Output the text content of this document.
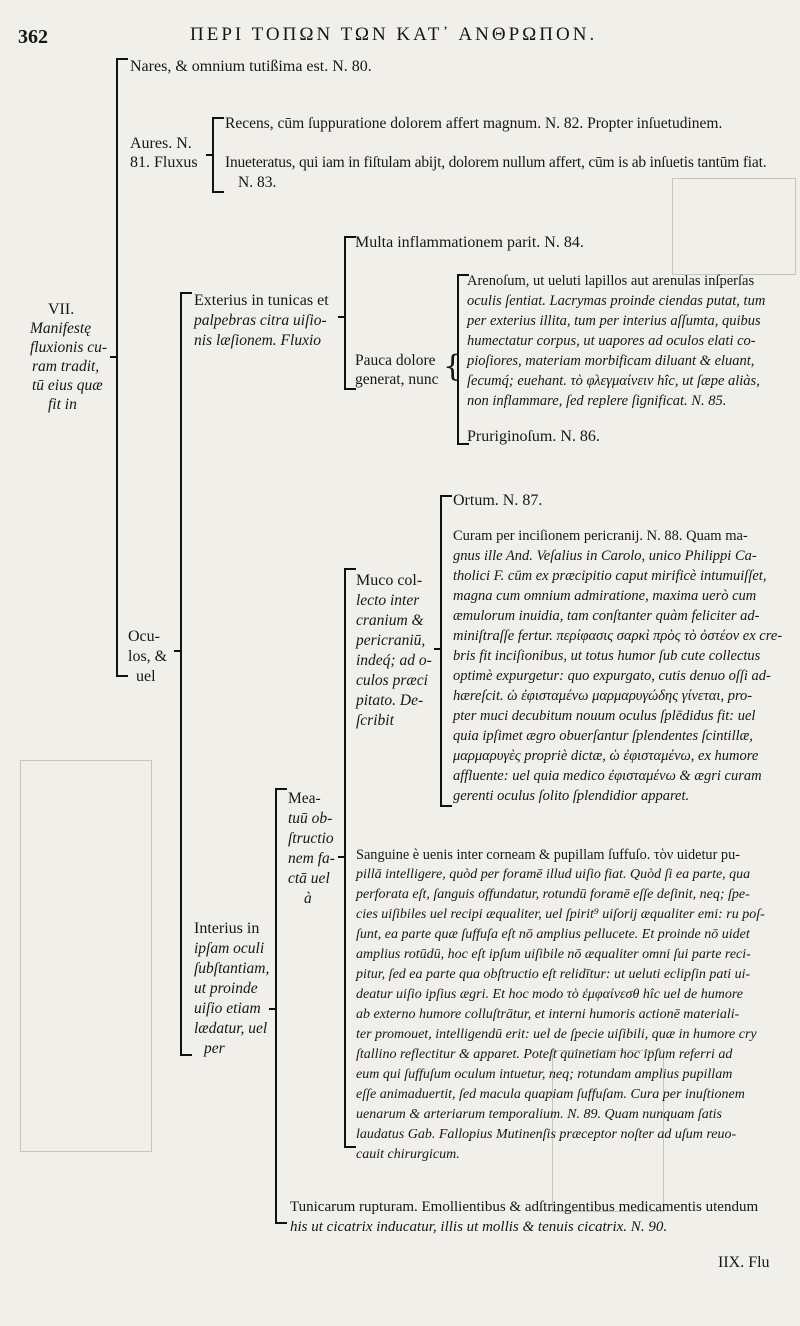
362	ΠΕΡΙ ΤΟΠΩΝ ΤΩΝ ΚΑΤ᾿ ΑΝΘΡΩΠΟΝ.
VII.
Manifestę
fluxionis cu-
ram tradit,
tū eius quæ
fit in
Nares, & omnium tutißima est. N. 80.
Aures. N.
81. Fluxus
Recens, cūm ſuppuratione dolorem affert magnum. N. 82. Propter inſuetudinem.
Inueteratus, qui iam in fiſtulam abijt, dolorem nullum affert, cūm is ab inſuetis tantūm fiat.
N. 83.
Ocu-
los, &
uel
Exterius in tunicas et
palpebras citra uiſio-
nis læſionem. Fluxio
Multa inflammationem parit. N. 84.
Pauca dolore
generat, nunc {
Arenoſum, ut ueluti lapillos aut arenulas inſperſas
oculis ſentiat. Lacrymas proinde ciendas putat, tum
per exterius illita, tum per interius aſſumta, quibus
humectatur corpus, ut uapores ad oculos elati co-
pioſiores, materiam morbificam diluant & eluant,
ſecumq́; euehant. τὸ φλεγμαίνειν hîc, ut ſæpe aliàs,
non inflammare, ſed replere ſignificat. N. 85.
Pruriginoſum. N. 86.
Interius in
ipſam oculi
ſubſtantiam,
ut proinde
uiſio etiam
lædatur, uel
per
Mea-
tuū ob-
ſtructio
nem fa-
ctā uel
à
Muco col-
lecto inter
cranium &
pericraniū,
indeq́; ad o-
culos præci
pitato. De-
ſcribit
Ortum. N. 87.
Curam per inciſionem pericranij. N. 88. Quam ma-
gnus ille And. Veſalius in Carolo, unico Philippi Ca-
tholici F. cūm ex præcipitio caput mirificè intumuiſſet,
magna cum omnium admiratione, maxima uerò cum
æmulorum inuidia, tam conſtanter quàm feliciter ad-
miniſtraſſe fertur. περίφασις σαρκὶ πρὸς τὸ ὀστέον ex cre-
bris fit inciſionibus, ut totus humor ſub cute collectus
optimè expurgetur: quo expurgato, cutis denuo oſſi ad-
hæreſcit. ὡ ἐφισταμένω μαρμαρυγώδης γίνεται, pro-
pter muci decubitum nouum oculus ſplēdidus fit: uel
quia ipſimet ægro obuerſantur ſplendentes ſcintillæ,
μαρμαρυγὲς propriè dictæ, ὡ ἐφισταμένω, ex humore
affluente: uel quia medico ἐφισταμένω & ægri curam
gerenti oculus ſolito ſplendidior apparet.
Sanguine è uenis inter corneam & pupillam ſuffuſo. τὸν uidetur pu-
pillā intelligere, quòd per foramē illud uiſio fiat. Quòd ſi ea parte, qua
perforata eſt, ſanguis offundatur, rotundū foramē eſſe deſinit, neq; ſpe-
cies uiſibiles uel recipi æqualiter, uel ſpirit⁹ uiſorij æqualiter emi: ru poſ-
ſunt, ea parte quæ ſuffuſa eſt nō amplius pellucete. Et proinde nō uidet
amplius rotūdū, hoc eſt ipſum uiſibile nō æqualiter omni ſui parte reci-
pitur, ſed ea parte qua obſtructio eſt relidītur: ut ueluti eclipſin pati ui-
deatur uiſio ipſius ægri. Et hoc modo τὸ ἐμφαίνεσθ hîc uel de humore
ab externo humore colluſtrātur, et interni humoris actionē materiali-
ter promouet, intelligendū erit: uel de ſpecie uiſibili, quæ in humore cry
ſtallino reflectitur & apparet. Poteſt quinetiam hoc ipſum referri ad
eum qui ſuffuſum oculum intuetur, neq; rotundam amplius pupillam
eſſe animaduertit, ſed macula quapiam ſuffuſam. Cura per inuſtionem
uenarum & arteriarum temporalium. N. 89. Quam nunquam ſatis
laudatus Gab. Fallopius Mutinenſis præceptor noſter ad uſum reuo-
cauit chirurgicum.
Tunicarum rupturam. Emollientibus & adſtringentibus medicamentis utendum
his ut cicatrix inducatur, illis ut mollis & tenuis cicatrix. N. 90.
IIX. Flu
